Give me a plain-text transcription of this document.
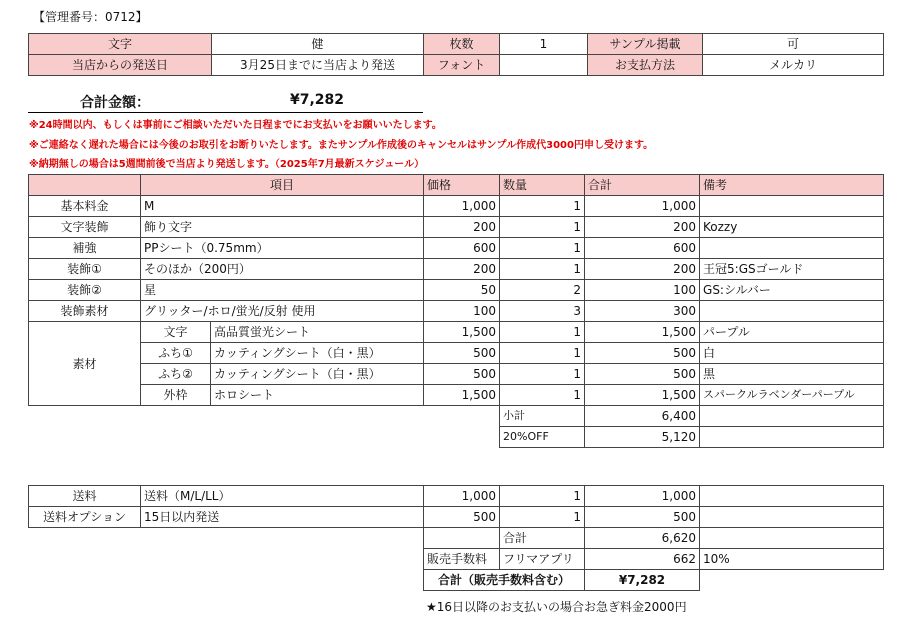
【管理番号：0712】
文字	健	枚数	1	サンプル掲載	可
当店からの発送日	3月25日までに当店より発送	フォント		お支払方法	メルカリ
合計金額：	¥7,282
※24時間以内、もしくは事前にご相談いただいた日程までにお支払いをお願いいたします。
※ご連絡なく遅れた場合には今後のお取引をお断りいたします。またサンプル作成後のキャンセルはサンプル作成代3000円申し受けます。
※納期無しの場合は5週間前後で当店より発送します。（2025年7月最新スケジュール）
	項目		価格	数量	合計	備考
基本料金	M		1,000	1	1,000	
文字装飾	飾り文字		200	1	200	Kozzy
補強	PPシート（0.75mm）		600	1	600	
装飾①	そのほか（200円）		200	1	200	王冠5:GSゴールド
装飾②	星		50	2	100	GS:シルバー
装飾素材	グリッター/ホロ/蛍光/反射 使用		100	3	300	
素材	文字	高品質蛍光シート	1,500	1	1,500	パープル
	ふち①	カッティングシート（白・黒）	500	1	500	白
	ふち②	カッティングシート（白・黒）	500	1	500	黒
	外枠	ホロシート	1,500	1	1,500	スパークルラベンダーパープル
				小計	6,400	
				20%OFF	5,120	
送料	送料（M/L/LL）	1,000	1	1,000	
送料オプション	15日以内発送	500	1	500	
			合計	6,620	
		販売手数料	フリマアプリ	662	10%
		合計（販売手数料含む）		¥7,282	
★16日以降のお支払いの場合お急ぎ料金2000円
